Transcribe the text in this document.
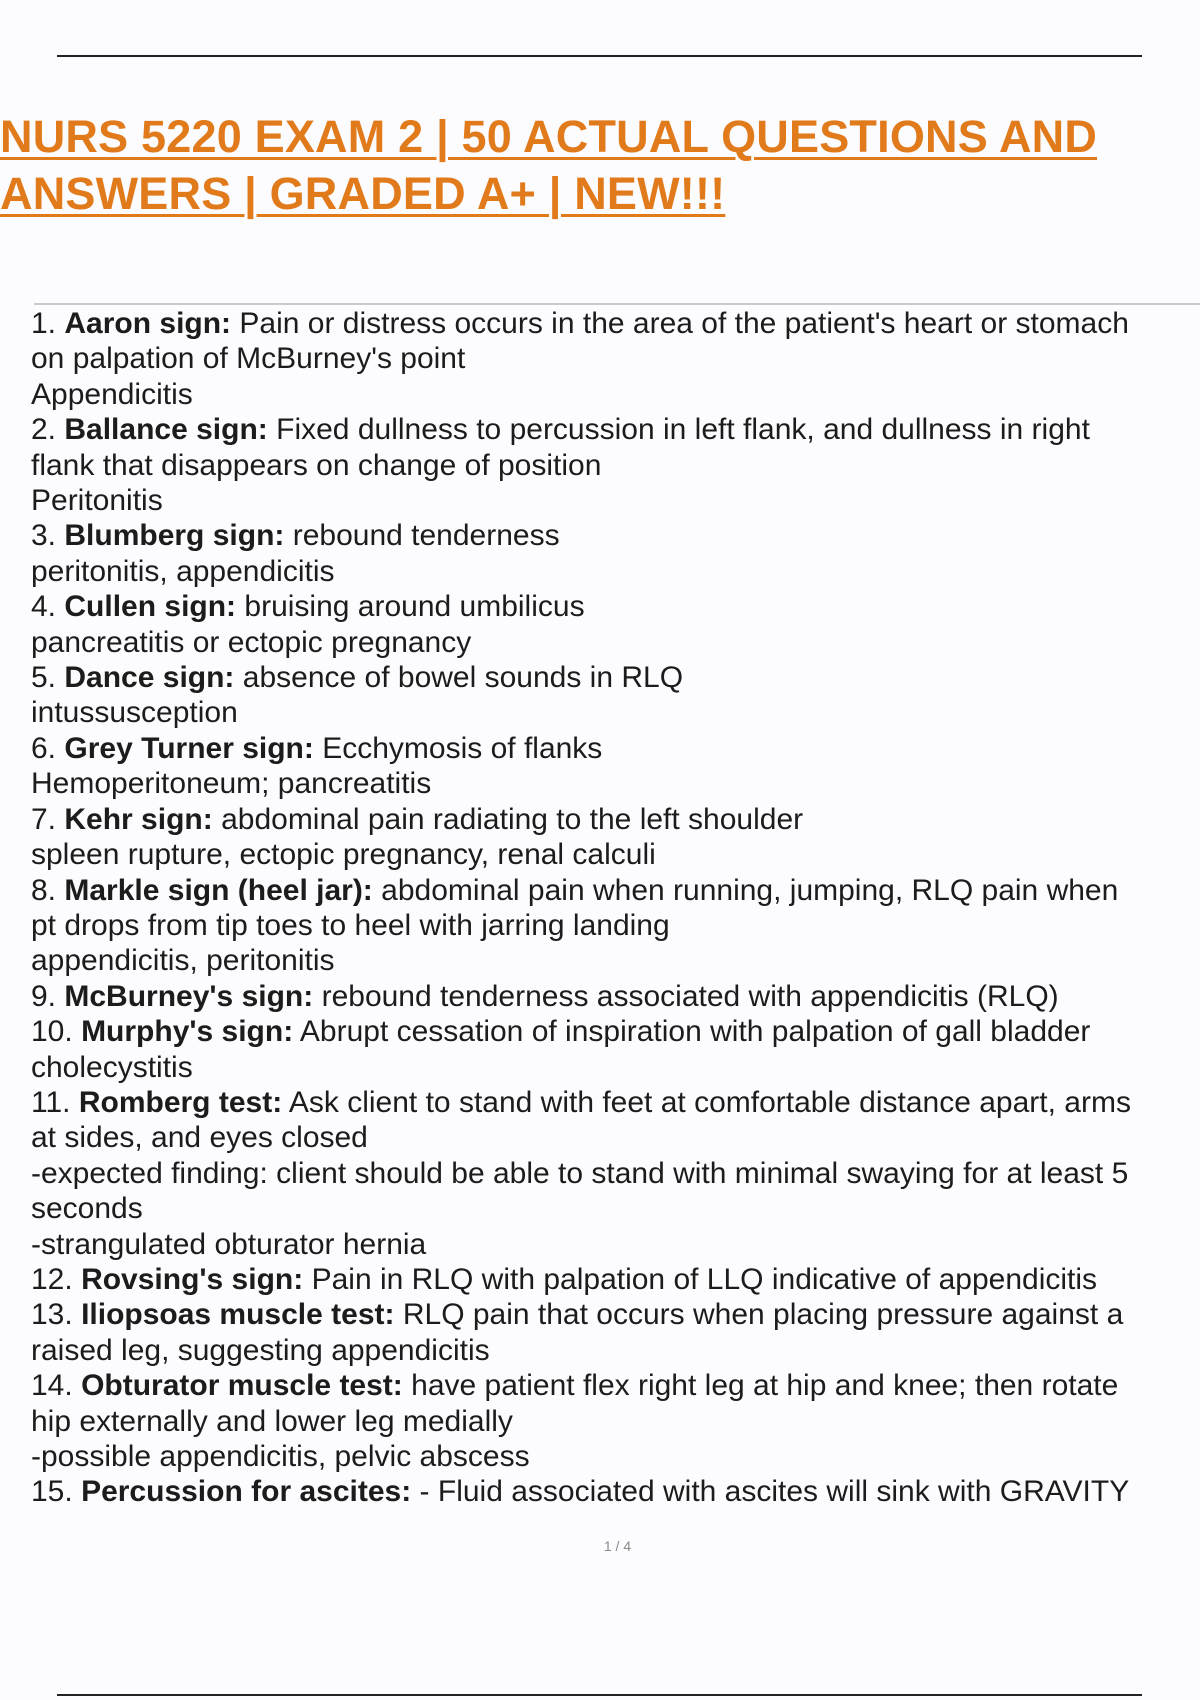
NURS 5220 EXAM 2 | 50 ACTUAL QUESTIONS AND
ANSWERS | GRADED A+ | NEW!!!
1. Aaron sign: Pain or distress occurs in the area of the patient's heart or stomach
on palpation of McBurney's point
Appendicitis
2. Ballance sign: Fixed dullness to percussion in left flank, and dullness in right
flank that disappears on change of position
Peritonitis
3. Blumberg sign: rebound tenderness
peritonitis, appendicitis
4. Cullen sign: bruising around umbilicus
pancreatitis or ectopic pregnancy
5. Dance sign: absence of bowel sounds in RLQ
intussusception
6. Grey Turner sign: Ecchymosis of flanks
Hemoperitoneum; pancreatitis
7. Kehr sign: abdominal pain radiating to the left shoulder
spleen rupture, ectopic pregnancy, renal calculi
8. Markle sign (heel jar): abdominal pain when running, jumping, RLQ pain when
pt drops from tip toes to heel with jarring landing
appendicitis, peritonitis
9. McBurney's sign: rebound tenderness associated with appendicitis (RLQ)
10. Murphy's sign: Abrupt cessation of inspiration with palpation of gall bladder
cholecystitis
11. Romberg test: Ask client to stand with feet at comfortable distance apart, arms
at sides, and eyes closed
-expected finding: client should be able to stand with minimal swaying for at least 5
seconds
-strangulated obturator hernia
12. Rovsing's sign: Pain in RLQ with palpation of LLQ indicative of appendicitis
13. Iliopsoas muscle test: RLQ pain that occurs when placing pressure against a
raised leg, suggesting appendicitis
14. Obturator muscle test: have patient flex right leg at hip and knee; then rotate
hip externally and lower leg medially
-possible appendicitis, pelvic abscess
15. Percussion for ascites: - Fluid associated with ascites will sink with GRAVITY
1 / 4
